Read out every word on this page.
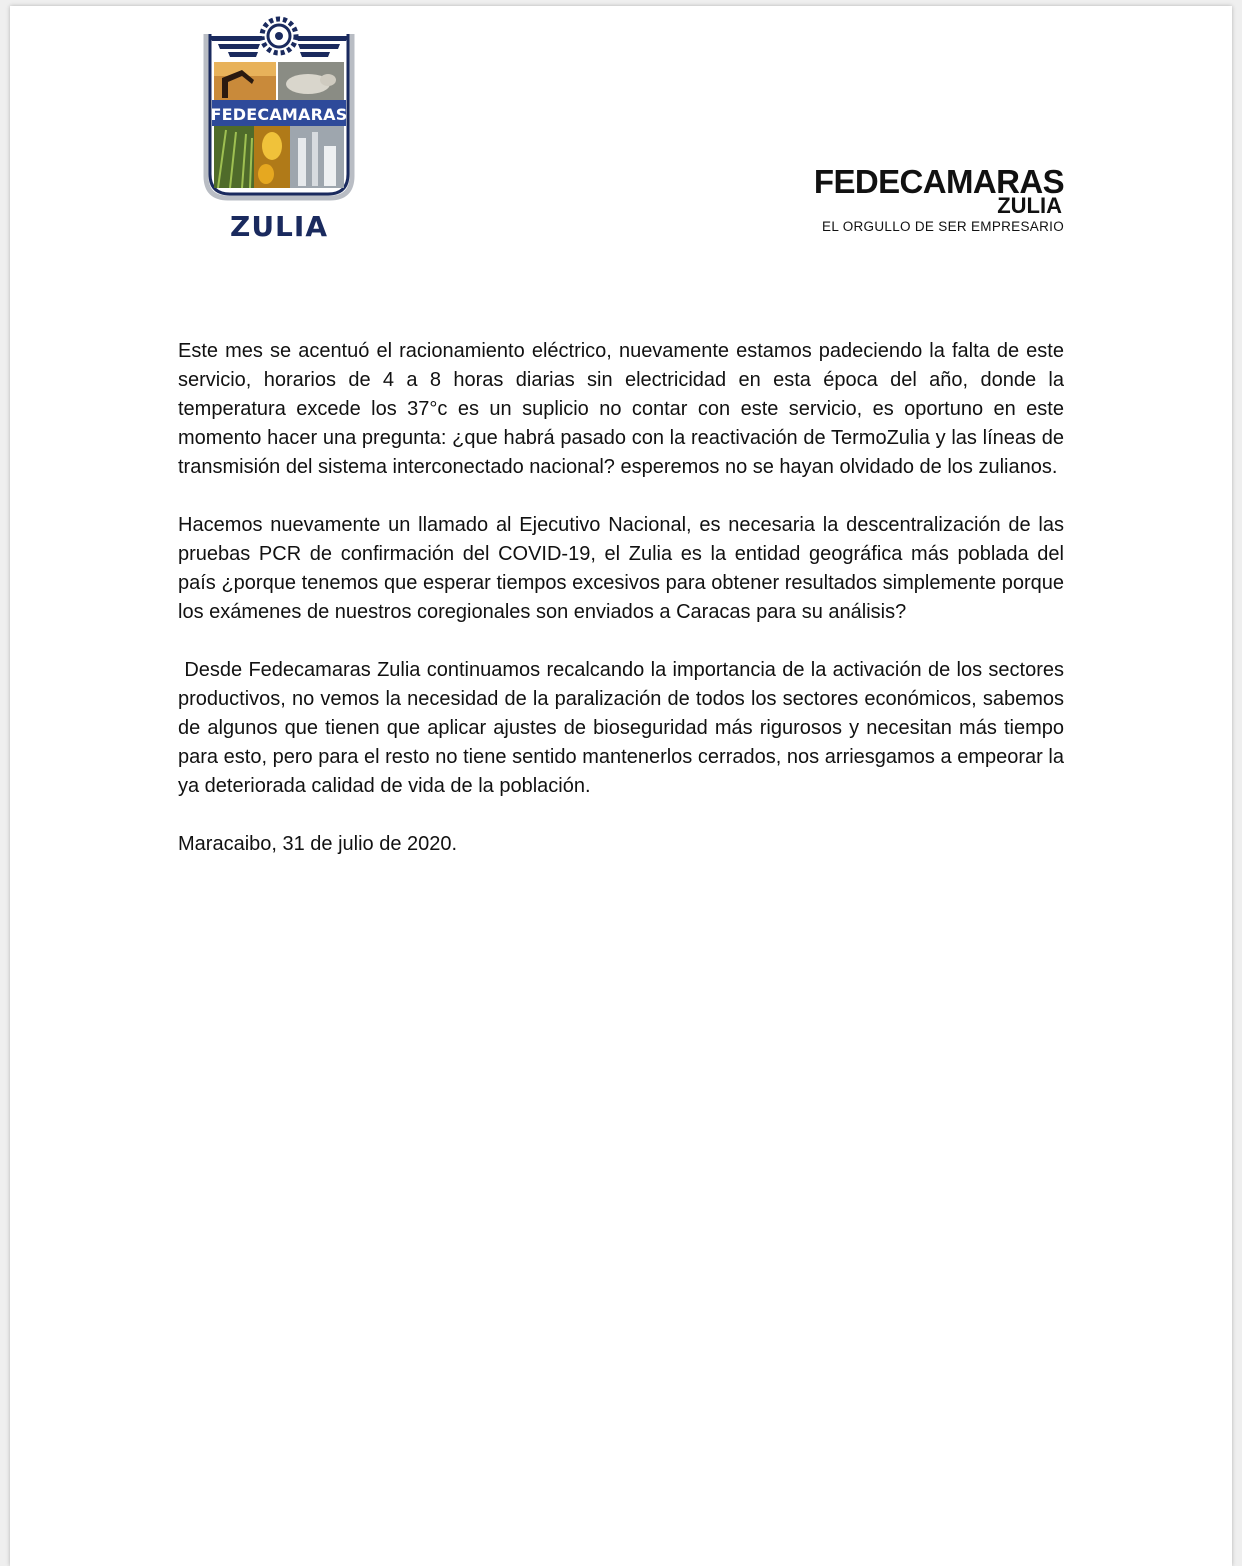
FEDECAMARAS
ZULIA
FEDECAMARAS
ZULIA
EL ORGULLO DE SER EMPRESARIO

Este mes se acentuó el racionamiento eléctrico, nuevamente estamos padeciendo la falta de este servicio, horarios de 4 a 8 horas diarias sin electricidad en esta época del año, donde la temperatura excede los 37°c es un suplicio no contar con este servicio, es oportuno en este momento hacer una pregunta: ¿que habrá pasado con la reactivación de TermoZulia y las líneas de transmisión del sistema interconectado nacional? esperemos no se hayan olvidado de los zulianos.

Hacemos nuevamente un llamado al Ejecutivo Nacional, es necesaria la descentralización de las pruebas PCR de confirmación del COVID-19, el Zulia es la entidad geográfica más poblada del país ¿porque tenemos que esperar tiempos excesivos para obtener resultados simplemente porque los exámenes de nuestros coregionales son enviados a Caracas para su análisis?

Desde Fedecamaras Zulia continuamos recalcando la importancia de la activación de los sectores productivos, no vemos la necesidad de la paralización de todos los sectores económicos, sabemos de algunos que tienen que aplicar ajustes de bioseguridad más rigurosos y necesitan más tiempo para esto, pero para el resto no tiene sentido mantenerlos cerrados, nos arriesgamos a empeorar la ya deteriorada calidad de vida de la población.

Maracaibo, 31 de julio de 2020.
